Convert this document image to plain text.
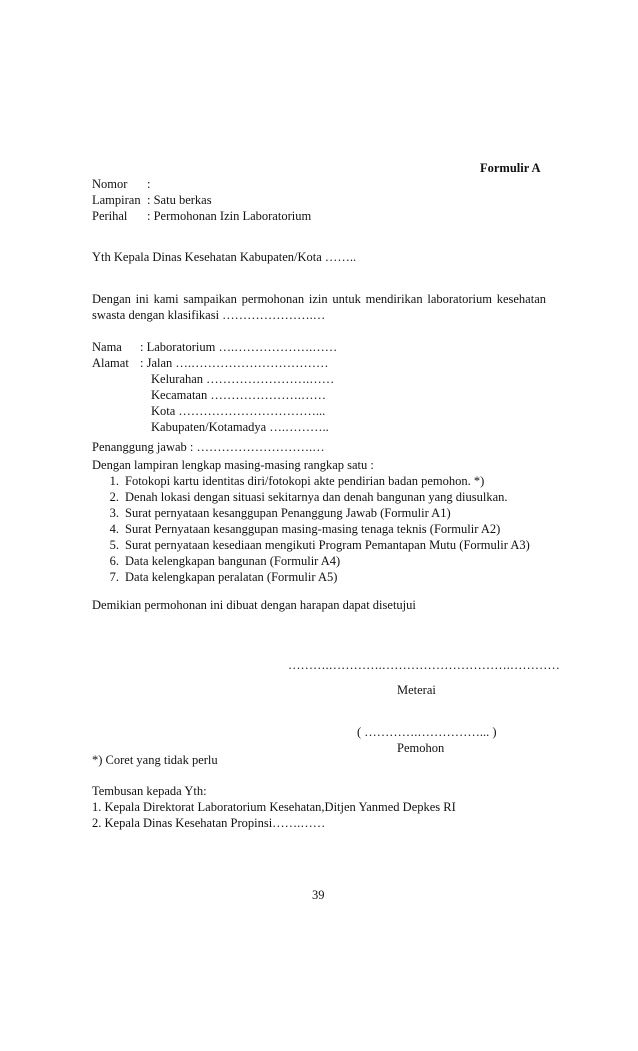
Formulir A
Nomor :
Lampiran : Satu berkas
Perihal : Permohonan Izin Laboratorium
Yth Kepala Dinas Kesehatan Kabupaten/Kota ……..
Dengan ini kami sampaikan permohonan izin untuk mendirikan laboratorium kesehatan
swasta dengan klasifikasi ………………….…
Nama : Laboratorium ….……………….……
Alamat : Jalan ….……………………………
Kelurahan …………………….……
Kecamatan ………………….……
Kota ……………………………...
Kabupaten/Kotamadya ….………..
Penanggung jawab : ……………………….…
Dengan lampiran lengkap masing-masing rangkap satu :
1. Fotokopi kartu identitas diri/fotokopi akte pendirian badan pemohon. *)
2. Denah lokasi dengan situasi sekitarnya dan denah bangunan yang diusulkan.
3. Surat pernyataan kesanggupan Penanggung Jawab (Formulir A1)
4. Surat Pernyataan kesanggupan masing-masing tenaga teknis (Formulir A2)
5. Surat pernyataan kesediaan mengikuti Program Pemantapan Mutu (Formulir A3)
6. Data kelengkapan bangunan (Formulir A4)
7. Data kelengkapan peralatan (Formulir A5)
Demikian permohonan ini dibuat dengan harapan dapat disetujui
……….………….………………………….…………
Meterai
( ………….……………... )
Pemohon
*) Coret yang tidak perlu
Tembusan kepada Yth:
1. Kepala Direktorat Laboratorium Kesehatan,Ditjen Yanmed Depkes RI
2. Kepala Dinas Kesehatan Propinsi…….……
39
